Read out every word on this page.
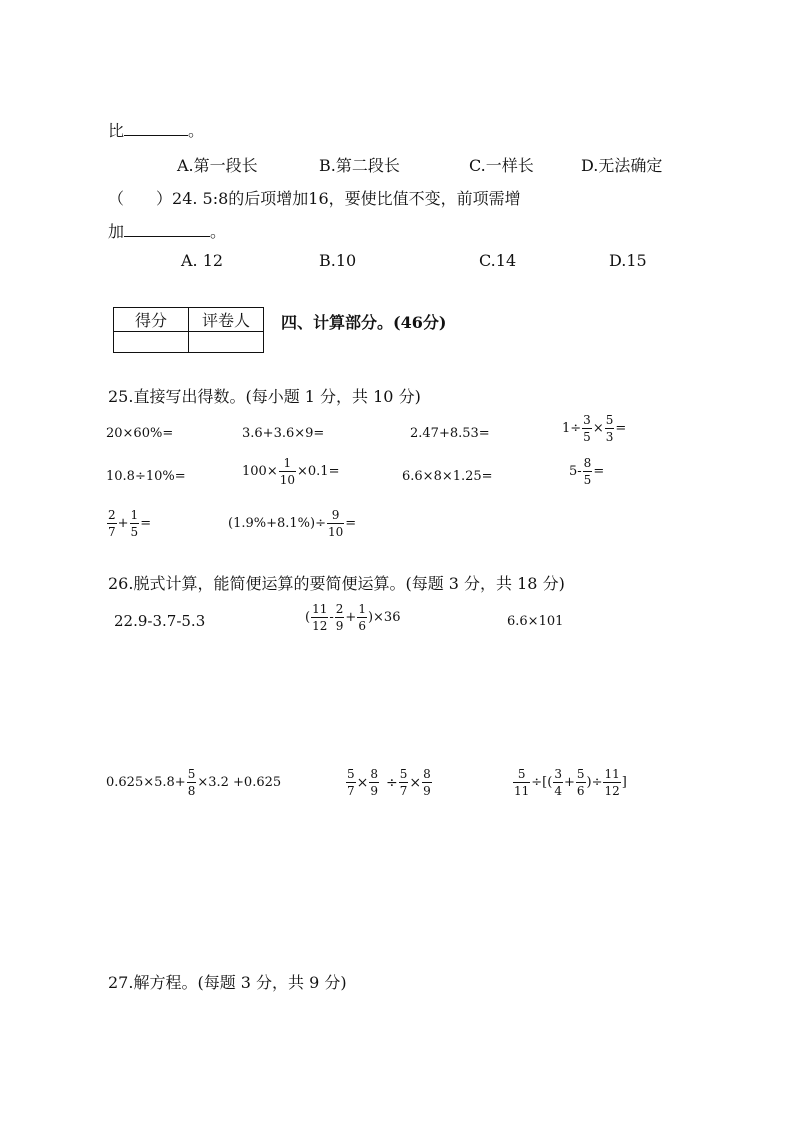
比	。
A.第一段长	B.第二段长	C.一样长	D.无法确定
（　　）24. 5:8的后项增加16，要使比值不变，前项需增
加	。
A. 12	B.10	C.14	D.15
得分	评卷人
	四、计算部分。(46分)
25.直接写出得数。(每小题 1 分，共 10 分)
20×60%=	3.6+3.6×9=	2.47+8.53=	$1\div \frac{3}{5} \times \frac{5}{3}$ =
10.8÷10%=	$100\times \frac{1}{10} \times 0.1=$	6.6×8×1.25=	$5- \frac{8}{5}$ =
$\frac{2}{7} + \frac{1}{5}$ =	$(1.9\%+8.1\%)\div \frac{9}{10}$ =
26.脱式计算，能简便运算的要简便运算。(每题 3 分，共 18 分)
22.9-3.7-5.3	( $\frac{11}{12} - \frac{2}{9} + \frac{1}{6} )\times 36$	6.6×101
$0.625\times 5.8+ \frac{5}{8} \times 3.2 +0.625$	$\frac{5}{7} \times \frac{8}{9} \div \frac{5}{7} \times \frac{8}{9}$	$\frac{5}{11}$ ÷[( $\frac{3}{4} + \frac{5}{6}$ )÷ $\frac{11}{12}$ ]
27.解方程。(每题 3 分，共 9 分)
